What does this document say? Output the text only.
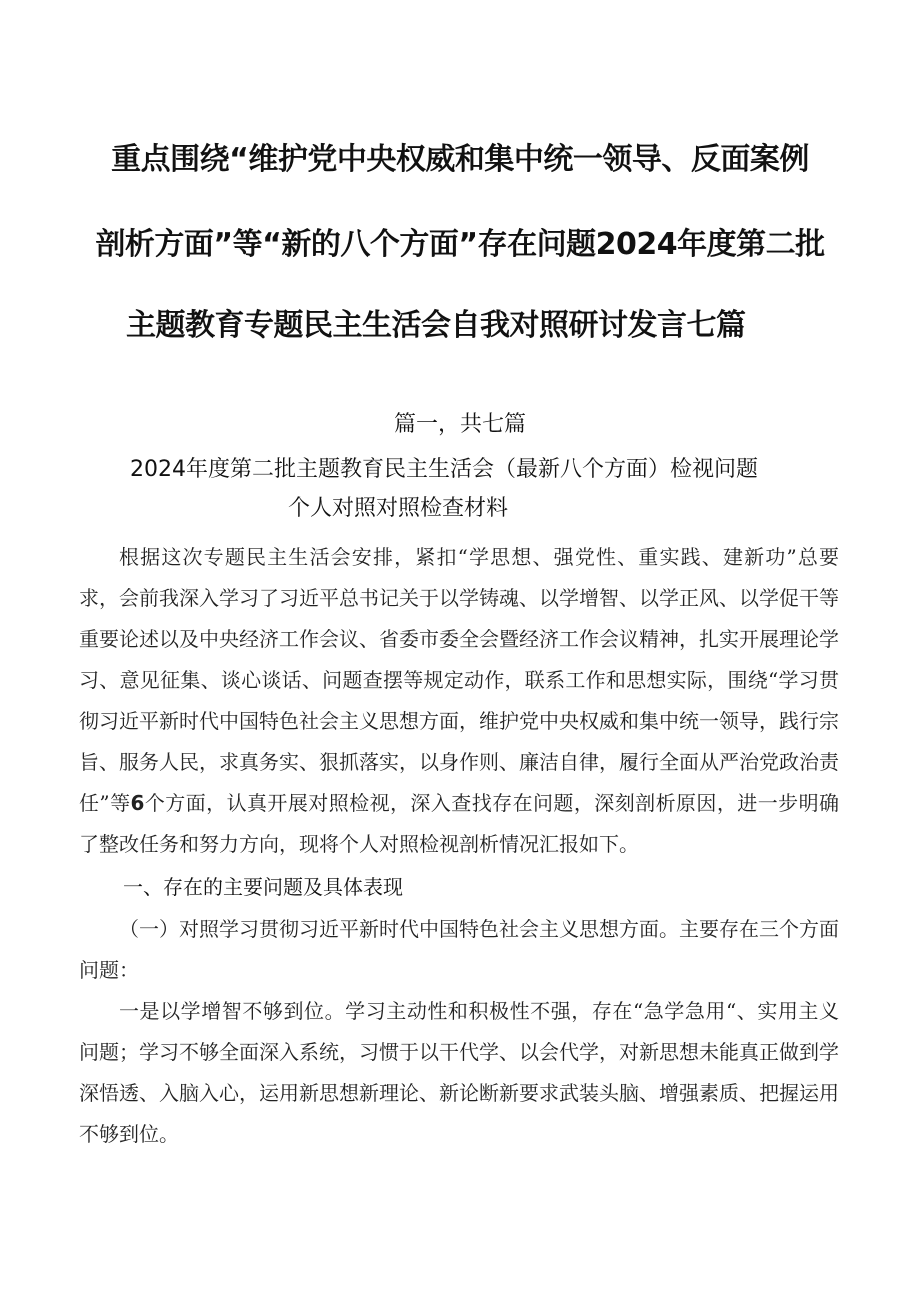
重点围绕“维护党中央权威和集中统一领导、反面案例
剖析方面”等“新的八个方面”存在问题2024年度第二批
主题教育专题民主生活会自我对照研讨发言七篇
篇一，共七篇
2024年度第二批主题教育民主生活会（最新八个方面）检视问题
个人对照对照检查材料

根据这次专题民主生活会安排，紧扣“学思想、强党性、重实践、建新功”总要求，会前我深入学习了习近平总书记关于以学铸魂、以学增智、以学正风、以学促干等重要论述以及中央经济工作会议、省委市委全会暨经济工作会议精神，扎实开展理论学习、意见征集、谈心谈话、问题查摆等规定动作，联系工作和思想实际，围绕“学习贯彻习近平新时代中国特色社会主义思想方面，维护党中央权威和集中统一领导，践行宗旨、服务人民，求真务实、狠抓落实，以身作则、廉洁自律，履行全面从严治党政治责任”等6个方面，认真开展对照检视，深入查找存在问题，深刻剖析原因，进一步明确了整改任务和努力方向，现将个人对照检视剖析情况汇报如下。

一、存在的主要问题及具体表现

（一）对照学习贯彻习近平新时代中国特色社会主义思想方面。主要存在三个方面问题：

一是以学增智不够到位。学习主动性和积极性不强，存在“急学急用“、实用主义问题；学习不够全面深入系统，习惯于以干代学、以会代学，对新思想未能真正做到学深悟透、入脑入心，运用新思想新理论、新论断新要求武装头脑、增强素质、把握运用不够到位。
